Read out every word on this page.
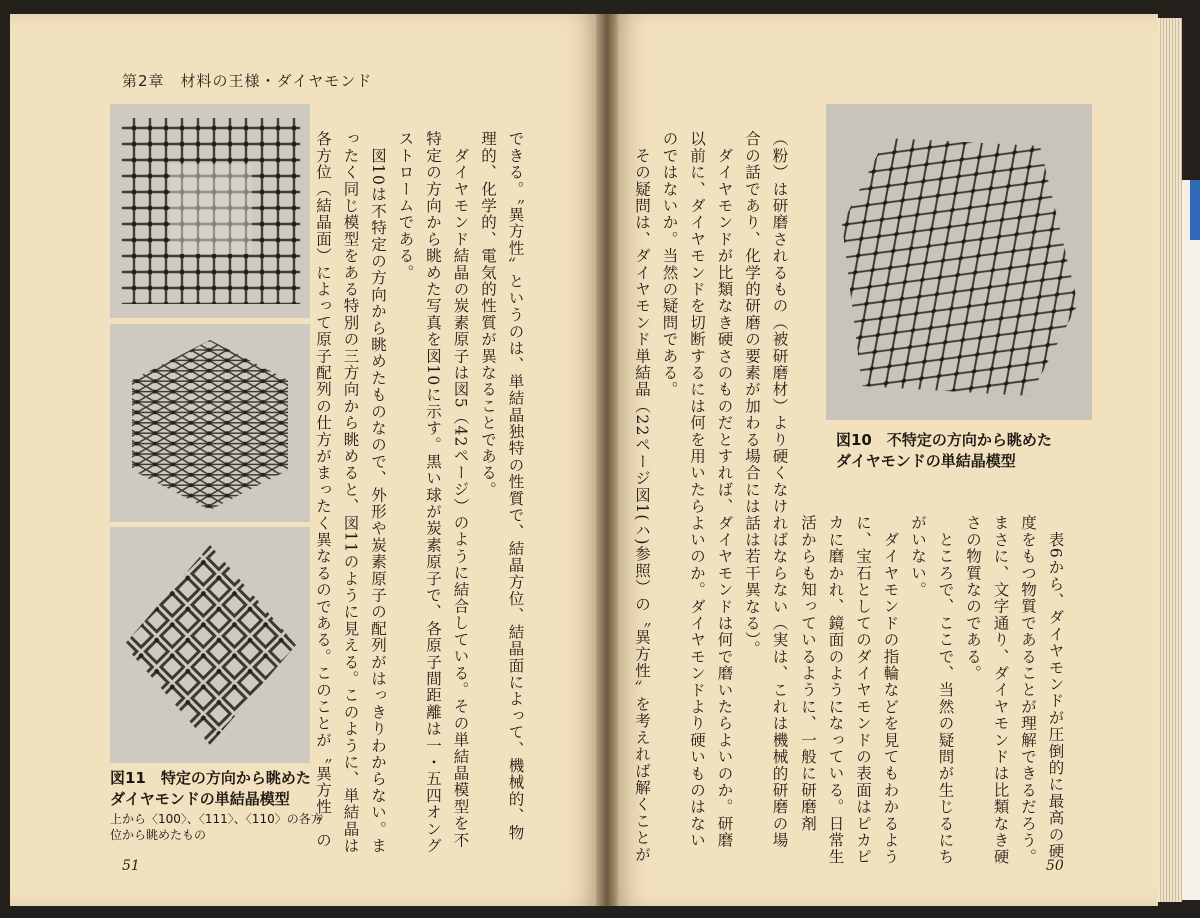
第2章　材料の王様・ダイヤモンド
図11　特定の方向から眺めた
ダイヤモンドの単結晶模型
上から〈100〉、〈111〉、〈110〉の各方
位から眺めたもの	できる。〝異方性〟というのは、単結晶独特の性質で、結晶方位、結晶面によって、機械的、物
理的、化学的、電気的性質が異なることである。
　ダイヤモンド結晶の炭素原子は図5（42ページ）のように結合している。その単結晶模型を不
特定の方向から眺めた写真を図10に示す。黒い球が炭素原子で、各原子間距離は一・五四オング
ストロームである。
　図10は不特定の方向から眺めたものなので、外形や炭素原子の配列がはっきりわからない。ま
ったく同じ模型をある特別の三方向から眺めると、図11のように見える。このように、単結晶は
各方位（結晶面）によって原子配列の仕方がまったく異なるのである。このことが〝異方性〟の

51

（粉）は研磨されるもの（被研磨材）より硬くなければならない（実は、これは機械的研磨の場
合の話であり、化学的研磨の要素が加わる場合には話は若干異なる）。
　ダイヤモンドが比類なき硬さのものだとすれば、ダイヤモンドは何で磨いたらよいのか。研磨
以前に、ダイヤモンドを切断するには何を用いたらよいのか。ダイヤモンドより硬いものはない
のではないか。当然の疑問である。
　その疑問は、ダイヤモンド単結晶（22ページ図1(ハ)参照）の〝異方性〟を考えれば解くことが
	図10　不特定の方向から眺めた
ダイヤモンドの単結晶模型

　表6から、ダイヤモンドが圧倒的に最高の硬
度をもつ物質であることが理解できるだろう。
まさに、文字通り、ダイヤモンドは比類なき硬
さの物質なのである。
　ところで、ここで、当然の疑問が生じるにち
がいない。
　ダイヤモンドの指輪などを見てもわかるよう
に、宝石としてのダイヤモンドの表面はピカピ
カに磨かれ、鏡面のようになっている。日常生
活からも知っているように、一般に研磨剤

50
